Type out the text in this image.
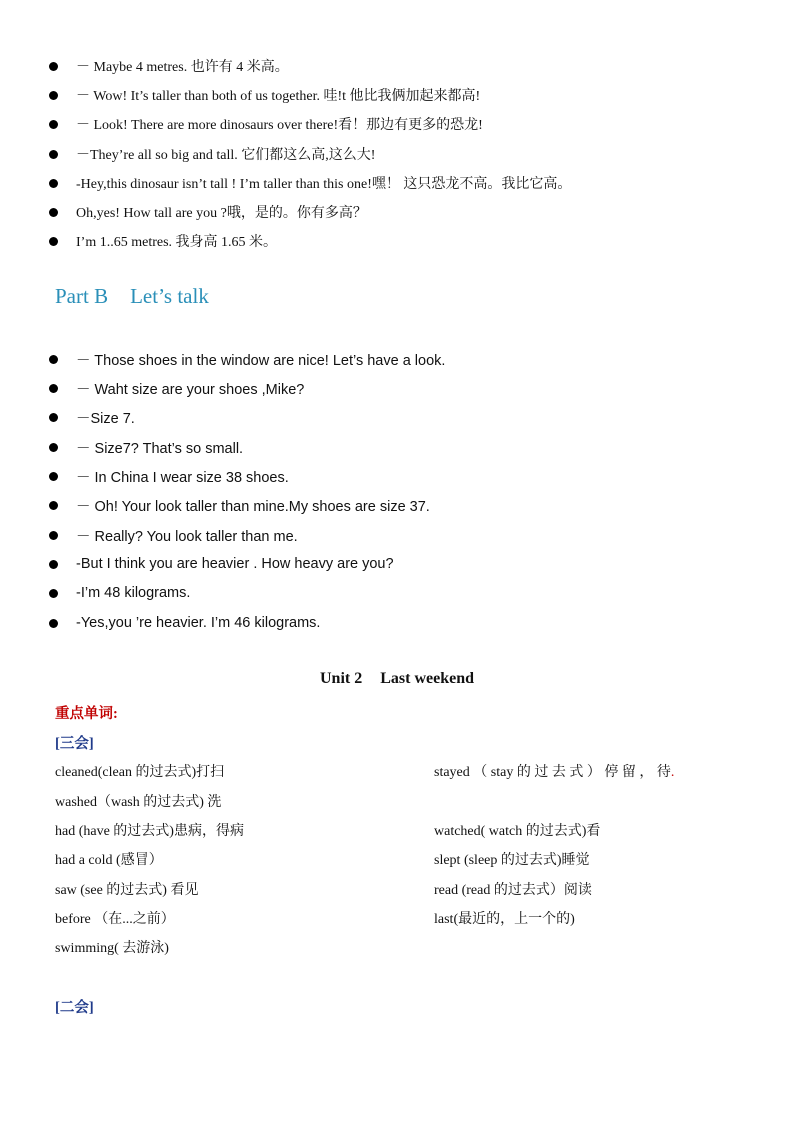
－ Maybe 4 metres. 也许有 4 米高。
－ Wow! It’s taller than both of us together. 哇!t 他比我俩加起来都高!
－ Look! There are more dinosaurs over there!看！那边有更多的恐龙!
－They’re all so big and tall. 它们都这么高,这么大!
-Hey,this dinosaur isn’t tall ! I’m taller than this one!嘿！ 这只恐龙不高。我比它高。
Oh,yes! How tall are you ?哦，是的。你有多高？
I’m 1..65 metres. 我身高 1.65 米。
Part B Let’s talk
－ Those shoes in the window are nice! Let’s have a look.
－ Waht size are your shoes ,Mike?
－Size 7.
－ Size7? That’s so small.
－ In China I wear size 38 shoes.
－ Oh! Your look taller than mine.My shoes are size 37.
－ Really? You look taller than me.
-But I think you are heavier . How heavy are you?
-I’m 48 kilograms.
-Yes,you ’re heavier. I’m 46 kilograms.
Unit 2 Last weekend
重点单词:
[三会]
cleaned(clean 的过去式)打扫
washed（wash 的过去式) 洗
had (have 的过去式)患病，得病
had a cold (感冒）
saw (see 的过去式) 看见
before （在...之前）
swimming( 去游泳)
stayed （ stay 的 过 去 式 ） 停 留 ， 待.
watched( watch 的过去式)看
slept (sleep 的过去式)睡觉
read (read 的过去式）阅读
last(最近的，上一个的)
[二会]
